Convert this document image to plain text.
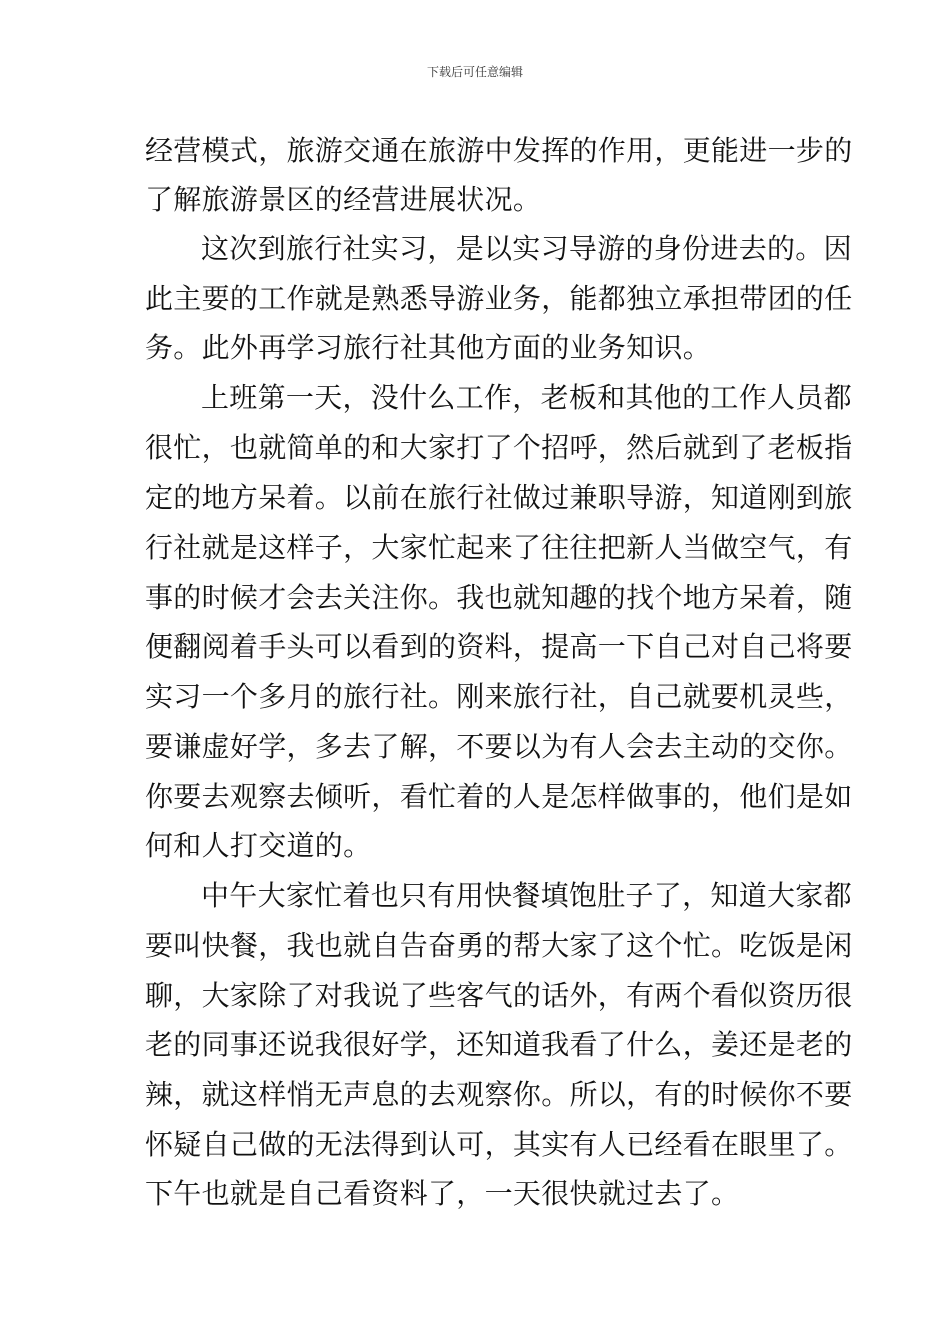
下载后可任意编辑
经营模式，旅游交通在旅游中发挥的作用，更能进一步的
了解旅游景区的经营进展状况。
这次到旅行社实习，是以实习导游的身份进去的。因
此主要的工作就是熟悉导游业务，能都独立承担带团的任
务。此外再学习旅行社其他方面的业务知识。
上班第一天，没什么工作，老板和其他的工作人员都
很忙，也就简单的和大家打了个招呼，然后就到了老板指
定的地方呆着。以前在旅行社做过兼职导游，知道刚到旅
行社就是这样子，大家忙起来了往往把新人当做空气，有
事的时候才会去关注你。我也就知趣的找个地方呆着，随
便翻阅着手头可以看到的资料，提高一下自己对自己将要
实习一个多月的旅行社。刚来旅行社，自己就要机灵些，
要谦虚好学，多去了解，不要以为有人会去主动的交你。
你要去观察去倾听，看忙着的人是怎样做事的，他们是如
何和人打交道的。
中午大家忙着也只有用快餐填饱肚子了，知道大家都
要叫快餐，我也就自告奋勇的帮大家了这个忙。吃饭是闲
聊，大家除了对我说了些客气的话外，有两个看似资历很
老的同事还说我很好学，还知道我看了什么，姜还是老的
辣，就这样悄无声息的去观察你。所以，有的时候你不要
怀疑自己做的无法得到认可，其实有人已经看在眼里了。
下午也就是自己看资料了，一天很快就过去了。
